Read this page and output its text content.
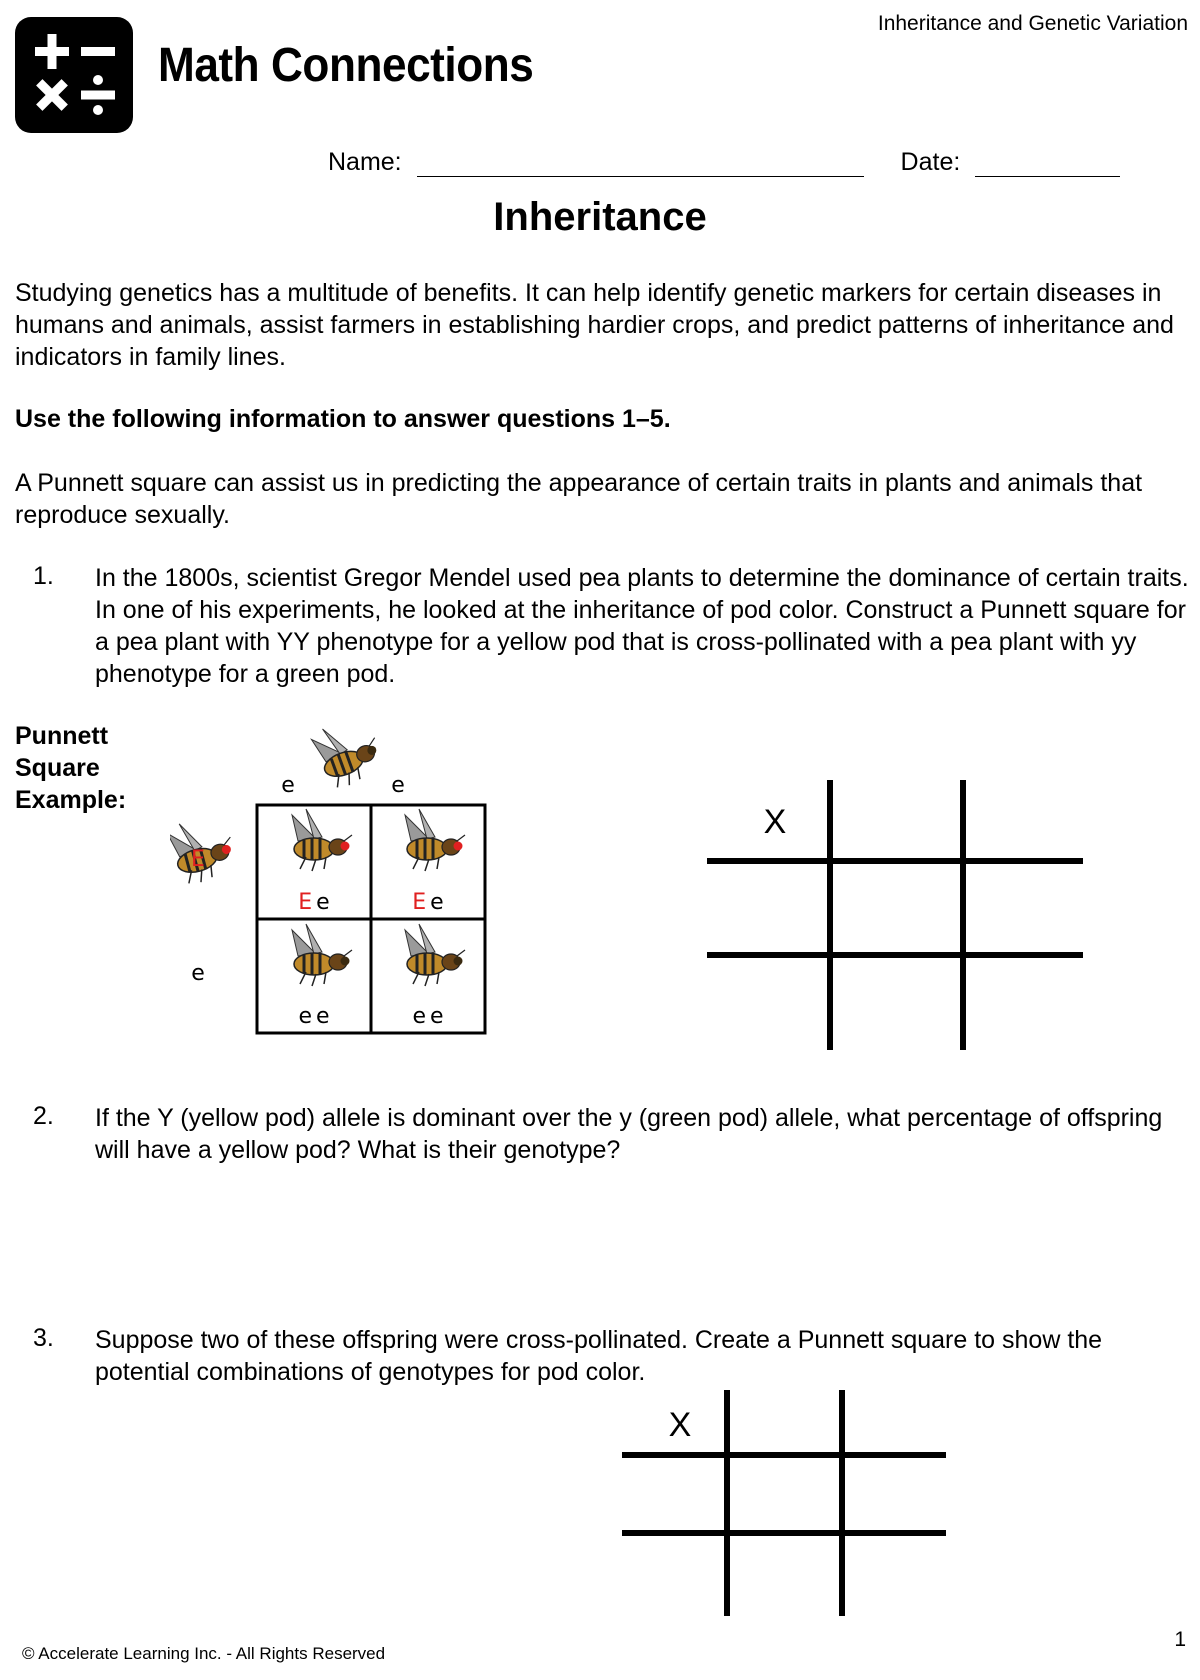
Math Connections
Inheritance and Genetic Variation
Name:	Date:
Inheritance
Studying genetics has a multitude of benefits. It can help identify genetic markers for certain diseases in humans and animals, assist farmers in establishing hardier crops, and predict patterns of inheritance and indicators in family lines.
Use the following information to answer questions 1–5.
A Punnett square can assist us in predicting the appearance of certain traits in plants and animals that reproduce sexually.
1. In the 1800s, scientist Gregor Mendel used pea plants to determine the dominance of certain traits. In one of his experiments, he looked at the inheritance of pod color. Construct a Punnett square for a pea plant with YY phenotype for a yellow pod that is cross-pollinated with a pea plant with yy phenotype for a green pod.
Punnett
Square
Example:
e	e
E
e
E e	E e
e e	e e
X
2. If the Y (yellow pod) allele is dominant over the y (green pod) allele, what percentage of offspring will have a yellow pod? What is their genotype?
3. Suppose two of these offspring were cross-pollinated. Create a Punnett square to show the potential combinations of genotypes for pod color.
X
© Accelerate Learning Inc. - All Rights Reserved
1
